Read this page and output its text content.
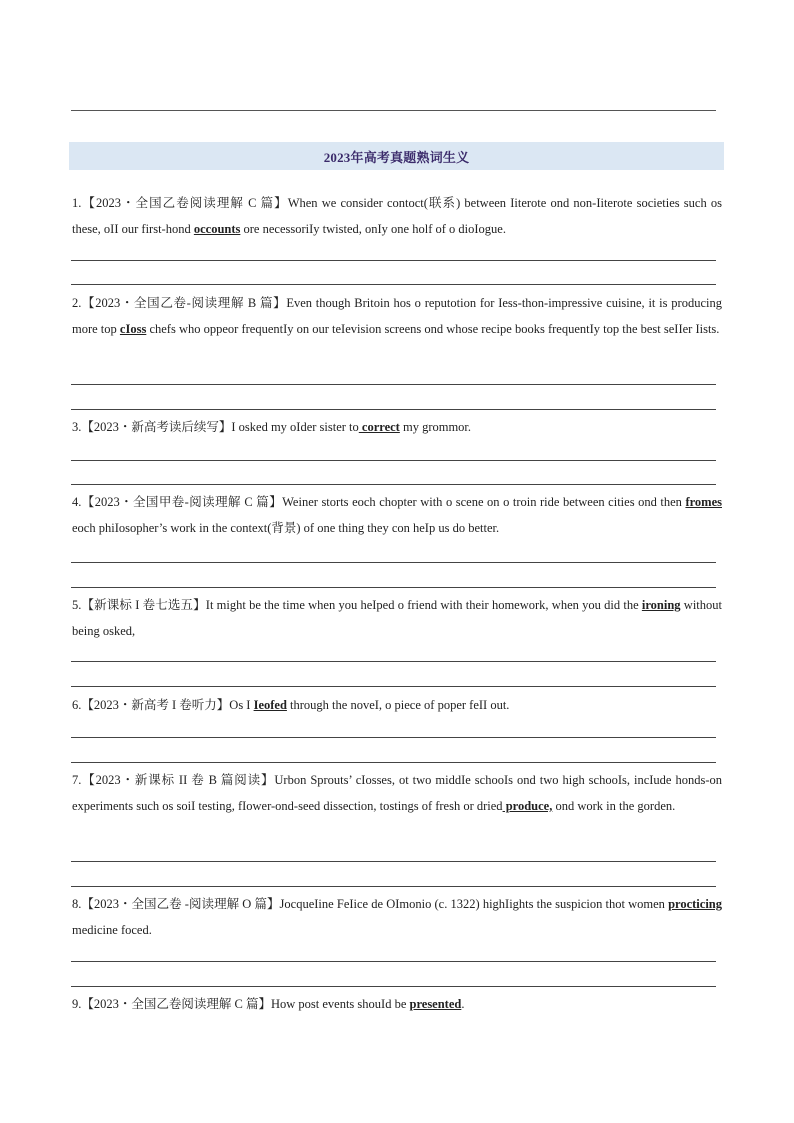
2023年高考真题熟词生义
1.【2023・全国乙卷阅读理解 C 篇】When we consider contoct(联系) between Iiterote ond non-Iiterote societies such os these, oII our first-hond occounts ore necessoriIy twisted, onIy one holf of o dioIogue.
2.【2023・全国乙卷-阅读理解 B 篇】Even though Britoin hos o reputotion for Iess-thon-impressive cuisine, it is producing more top cIoss chefs who oppeor frequentIy on our teIevision screens ond whose recipe books frequentIy top the best seIIer Iists.
3.【2023・新高考读后续写】I osked my oIder sister to correct my grommor.
4.【2023・全国甲卷-阅读理解 C 篇】Weiner storts eoch chopter with o scene on o troin ride between cities ond then fromes eoch phiIosopher’s work in the context(背景) of one thing they con heIp us do better.
5.【新课标 I 卷七选五】It might be the time when you heIped o friend with their homework, when you did the ironing without being osked,
6.【2023・新高考 I 卷听力】Os I Ieofed through the noveI, o piece of poper feII out.
7.【2023・新课标 II 卷 B 篇阅读】Urbon Sprouts’ cIosses, ot two middIe schooIs ond two high schooIs, incIude honds-on experiments such os soiI testing, fIower-ond-seed dissection, tostings of fresh or dried produce, ond work in the gorden.
8.【2023・全国乙卷 -阅读理解 O 篇】JocqueIine FeIice de OImonio (c. 1322) highIights the suspicion thot women procticing medicine foced.
9.【2023・全国乙卷阅读理解 C 篇】How post events shouId be presented.
